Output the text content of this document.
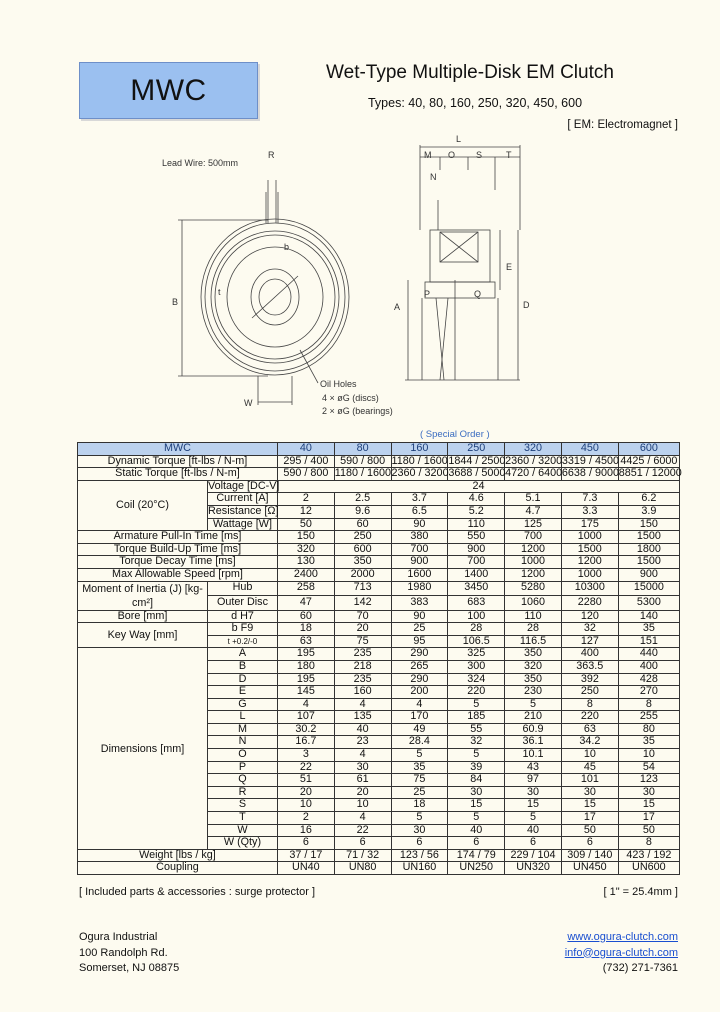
MWC
Wet-Type Multiple-Disk EM Clutch
Types: 40, 80, 160, 250, 320, 450, 600
[ EM: Electromagnet ]
Lead Wire: 500mm
R
b
t
B
W
Oil Holes
4 × øG (discs)
2 × øG (bearings)
L
M O S	T
N
E
A
P	Q
D
( Special Order )
MWC		40	80	160	250	320	450	600
Dynamic Torque [ft-lbs / N-m]		295 / 400	590 / 800	1180 / 1600	1844 / 2500	2360 / 3200	3319 / 4500	4425 / 6000
Static Torque [ft-lbs / N-m]		590 / 800	1180 / 1600	2360 / 3200	3688 / 5000	4720 / 6400	6638 / 9000	8851 / 12000
Coil (20°C)	Voltage [DC-V]	24						
	Current [A]	2	2.5	3.7	4.6	5.1	7.3	6.2
	Resistance [Ω]	12	9.6	6.5	5.2	4.7	3.3	3.9
	Wattage [W]	50	60	90	110	125	175	150
Armature Pull-In Time [ms]		150	250	380	550	700	1000	1500
Torque Build-Up Time [ms]		320	600	700	900	1200	1500	1800
Torque Decay Time [ms]		130	350	900	700	1000	1200	1500
Max Allowable Speed [rpm]		2400	2000	1600	1400	1200	1000	900
Moment of Inertia (J) [kg-cm²]	Hub	258	713	1980	3450	5280	10300	15000
	Outer Disc	47	142	383	683	1060	2280	5300
Bore [mm]	d H7	60	70	90	100	110	120	140
Key Way [mm]	b F9	18	20	25	28	28	32	35
	t +0.2/-0	63	75	95	106.5	116.5	127	151
Dimensions [mm]	A	195	235	290	325	350	400	440
	B	180	218	265	300	320	363.5	400
	D	195	235	290	324	350	392	428
	E	145	160	200	220	230	250	270
	G	4	4	4	5	5	8	8
	L	107	135	170	185	210	220	255
	M	30.2	40	49	55	60.9	63	80
	N	16.7	23	28.4	32	36.1	34.2	35
	O	3	4	5	5	10.1	10	10
	P	22	30	35	39	43	45	54
	Q	51	61	75	84	97	101	123
	R	20	20	25	30	30	30	30
	S	10	10	18	15	15	15	15
	T	2	4	5	5	5	17	17
	W	16	22	30	40	40	50	50
	W (Qty)	6	6	6	6	6	6	8
Weight [lbs / kg]		37 / 17	71 / 32	123 / 56	174 / 79	229 / 104	309 / 140	423 / 192
Coupling		UN40	UN80	UN160	UN250	UN320	UN450	UN600
[ Included parts & accessories : surge protector ]	[ 1" = 25.4mm ]
Ogura Industrial
100 Randolph Rd.
Somerset, NJ 08875
www.ogura-clutch.com
info@ogura-clutch.com
(732) 271-7361
